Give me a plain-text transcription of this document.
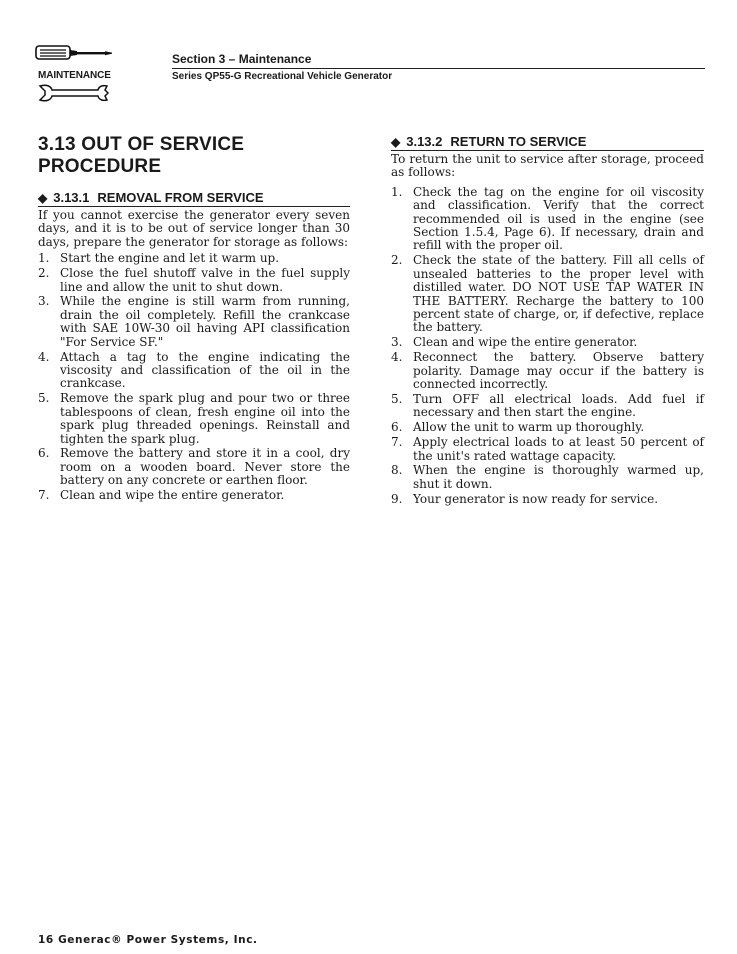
MAINTENANCE
Section 3 – Maintenance
Series QP55-G Recreational Vehicle Generator
3.13 OUT OF SERVICE PROCEDURE
◆ 3.13.1 REMOVAL FROM SERVICE
If you cannot exercise the generator every seven days, and it is to be out of service longer than 30 days, prepare the generator for storage as follows:
1. Start the engine and let it warm up.
2. Close the fuel shutoff valve in the fuel supply line and allow the unit to shut down.
3. While the engine is still warm from running, drain the oil completely. Refill the crankcase with SAE 10W-30 oil having API classification "For Service SF."
4. Attach a tag to the engine indicating the viscosity and classification of the oil in the crankcase.
5. Remove the spark plug and pour two or three tablespoons of clean, fresh engine oil into the spark plug threaded openings. Reinstall and tighten the spark plug.
6. Remove the battery and store it in a cool, dry room on a wooden board. Never store the battery on any concrete or earthen floor.
7. Clean and wipe the entire generator.
◆ 3.13.2 RETURN TO SERVICE
To return the unit to service after storage, proceed as follows:
1. Check the tag on the engine for oil viscosity and classification. Verify that the correct recommended oil is used in the engine (see Section 1.5.4, Page 6). If necessary, drain and refill with the proper oil.
2. Check the state of the battery. Fill all cells of unsealed batteries to the proper level with distilled water. DO NOT USE TAP WATER IN THE BATTERY. Recharge the battery to 100 percent state of charge, or, if defective, replace the battery.
3. Clean and wipe the entire generator.
4. Reconnect the battery. Observe battery polarity. Damage may occur if the battery is connected incorrectly.
5. Turn OFF all electrical loads. Add fuel if necessary and then start the engine.
6. Allow the unit to warm up thoroughly.
7. Apply electrical loads to at least 50 percent of the unit's rated wattage capacity.
8. When the engine is thoroughly warmed up, shut it down.
9. Your generator is now ready for service.
16 Generac® Power Systems, Inc.
